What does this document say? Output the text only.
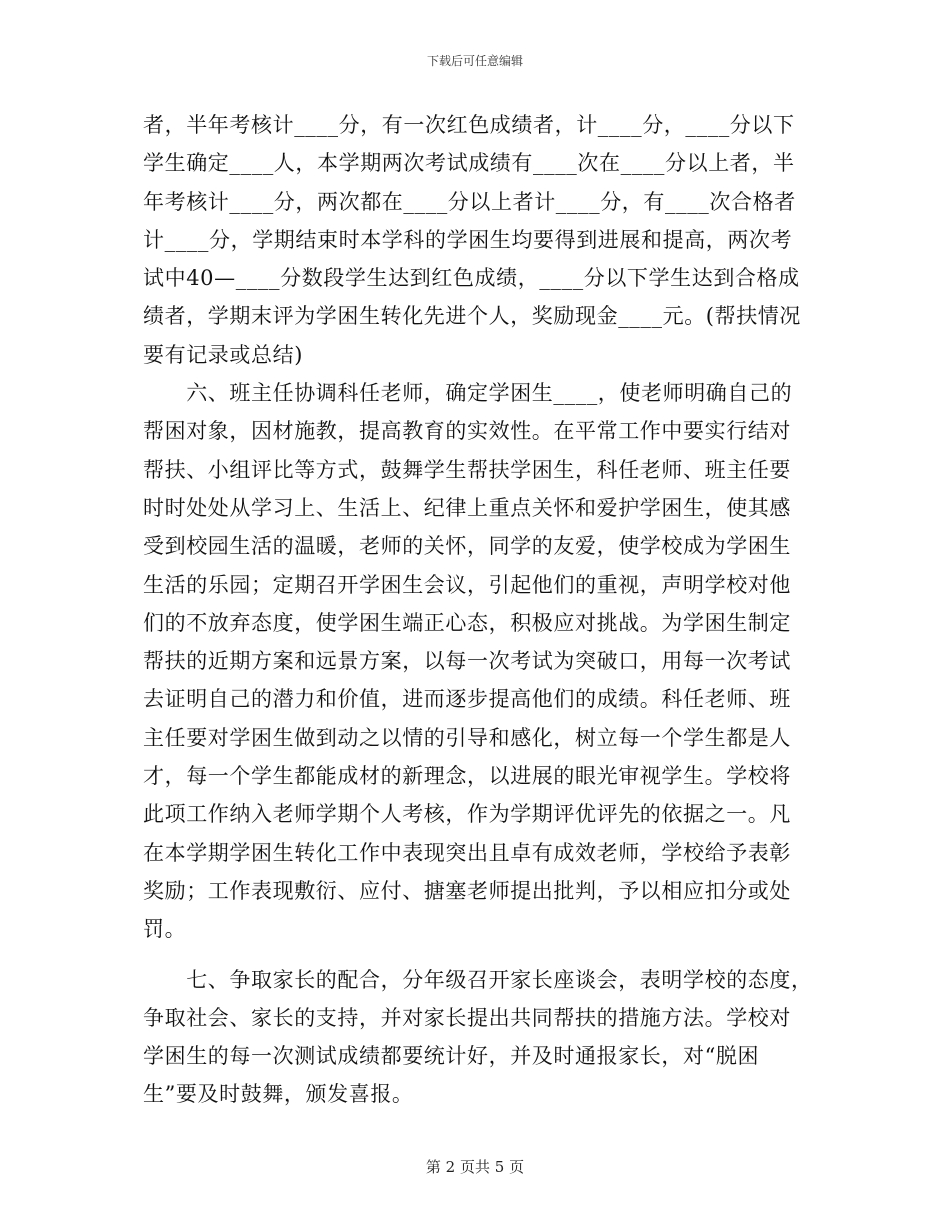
下载后可任意编辑
者，半年考核计____分，有一次红色成绩者，计____分，____分以下
学生确定____人，本学期两次考试成绩有____次在____分以上者，半
年考核计____分，两次都在____分以上者计____分，有____次合格者
计____分，学期结束时本学科的学困生均要得到进展和提高，两次考
试中40—____分数段学生达到红色成绩，____分以下学生达到合格成
绩者，学期末评为学困生转化先进个人，奖励现金____元。(帮扶情况
要有记录或总结)
　　六、班主任协调科任老师，确定学困生____，使老师明确自己的
帮困对象，因材施教，提高教育的实效性。在平常工作中要实行结对
帮扶、小组评比等方式，鼓舞学生帮扶学困生，科任老师、班主任要
时时处处从学习上、生活上、纪律上重点关怀和爱护学困生，使其感
受到校园生活的温暖，老师的关怀，同学的友爱，使学校成为学困生
生活的乐园；定期召开学困生会议，引起他们的重视，声明学校对他
们的不放弃态度，使学困生端正心态，积极应对挑战。为学困生制定
帮扶的近期方案和远景方案，以每一次考试为突破口，用每一次考试
去证明自己的潜力和价值，进而逐步提高他们的成绩。科任老师、班
主任要对学困生做到动之以情的引导和感化，树立每一个学生都是人
才，每一个学生都能成材的新理念，以进展的眼光审视学生。学校将
此项工作纳入老师学期个人考核，作为学期评优评先的依据之一。凡
在本学期学困生转化工作中表现突出且卓有成效老师，学校给予表彰
奖励；工作表现敷衍、应付、搪塞老师提出批判，予以相应扣分或处
罚。
　　七、争取家长的配合，分年级召开家长座谈会，表明学校的态度，
争取社会、家长的支持，并对家长提出共同帮扶的措施方法。学校对
学困生的每一次测试成绩都要统计好，并及时通报家长，对“脱困
生”要及时鼓舞，颁发喜报。
第 2 页共 5 页
